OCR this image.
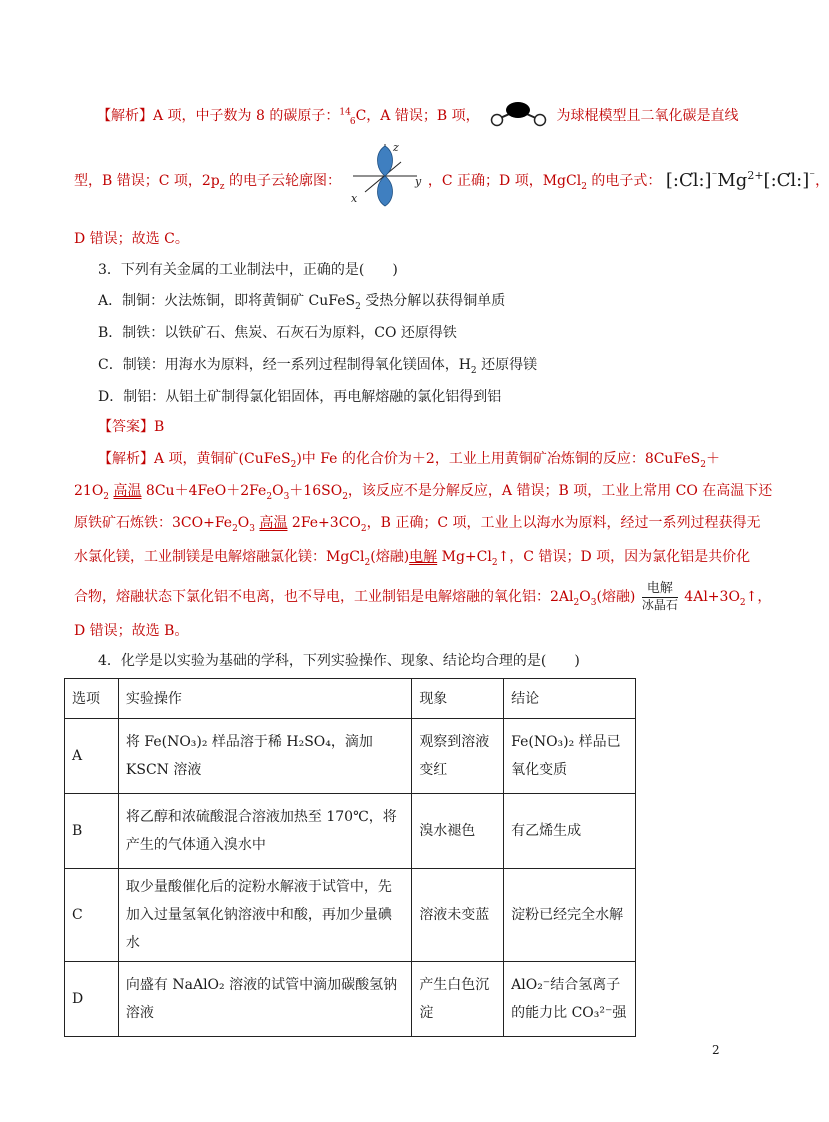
【解析】A 项，中子数为 8 的碳原子：$^{14}_6$C，A 错误；B 项，	为球棍模型且二氧化碳是直线
型，B 错误；C 项，$2p_z$ 的电子云轮廓图：
z
y
x
，C 正确；D 项，MgCl$_2$ 的电子式： $[:C͘l:]^{^-}Mg^{2+}[:C͘l:]^{^-}$，
D 错误；故选 C。
3．下列有关金属的工业制法中，正确的是(　　)
A．制铜：火法炼铜，即将黄铜矿 CuFeS$_2$ 受热分解以获得铜单质
B．制铁：以铁矿石、焦炭、石灰石为原料，CO 还原得铁
C．制镁：用海水为原料，经一系列过程制得氧化镁固体，$H_2$ 还原得镁
D．制铝：从铝土矿制得氯化铝固体，再电解熔融的氯化铝得到铝
【答案】B
【解析】A 项，黄铜矿(CuFeS$_2$)中 Fe 的化合价为＋2，工业上用黄铜矿冶炼铜的反应：8CuFeS$_2$＋
$21O_2$ 高温 $8Cu+4FeO+2Fe_2O_3+16SO_2$，该反应不是分解反应，A 错误；B 项，工业上常用 CO 在高温下还
原铁矿石炼铁：$3CO+Fe_2O_3$ 高温 $2Fe+3CO_2$，B 正确；C 项，工业上以海水为原料，经过一系列过程获得无
水氯化镁，工业制镁是电解熔融氯化镁：MgCl$_2$(熔融)电解 $Mg+Cl_2↑$，C 错误；D 项，因为氯化铝是共价化
合物，熔融状态下氯化铝不电离，也不导电，工业制铝是电解熔融的氧化铝：$2Al_2O_3$(熔融)
电解
冰晶石 $4Al+3O_2↑$，
D 错误；故选 B。
4．化学是以实验为基础的学科，下列实验操作、现象、结论均合理的是(　　)
选项	实验操作	现象	结论
A	将 Fe(NO₃)₂ 样品溶于稀 H₂SO₄，滴加 KSCN 溶液	观察到溶液变红	Fe(NO₃)₂ 样品已氧化变质
B	将乙醇和浓硫酸混合溶液加热至 170℃，将产生的气体通入溴水中	溴水褪色	有乙烯生成
C	取少量酸催化后的淀粉水解液于试管中，先加入过量氢氧化钠溶液中和酸，再加少量碘水	溶液未变蓝	淀粉已经完全水解
D	向盛有 NaAlO₂ 溶液的试管中滴加碳酸氢钠溶液	产生白色沉淀	AlO₂⁻结合氢离子的能力比 CO₃²⁻强
2
